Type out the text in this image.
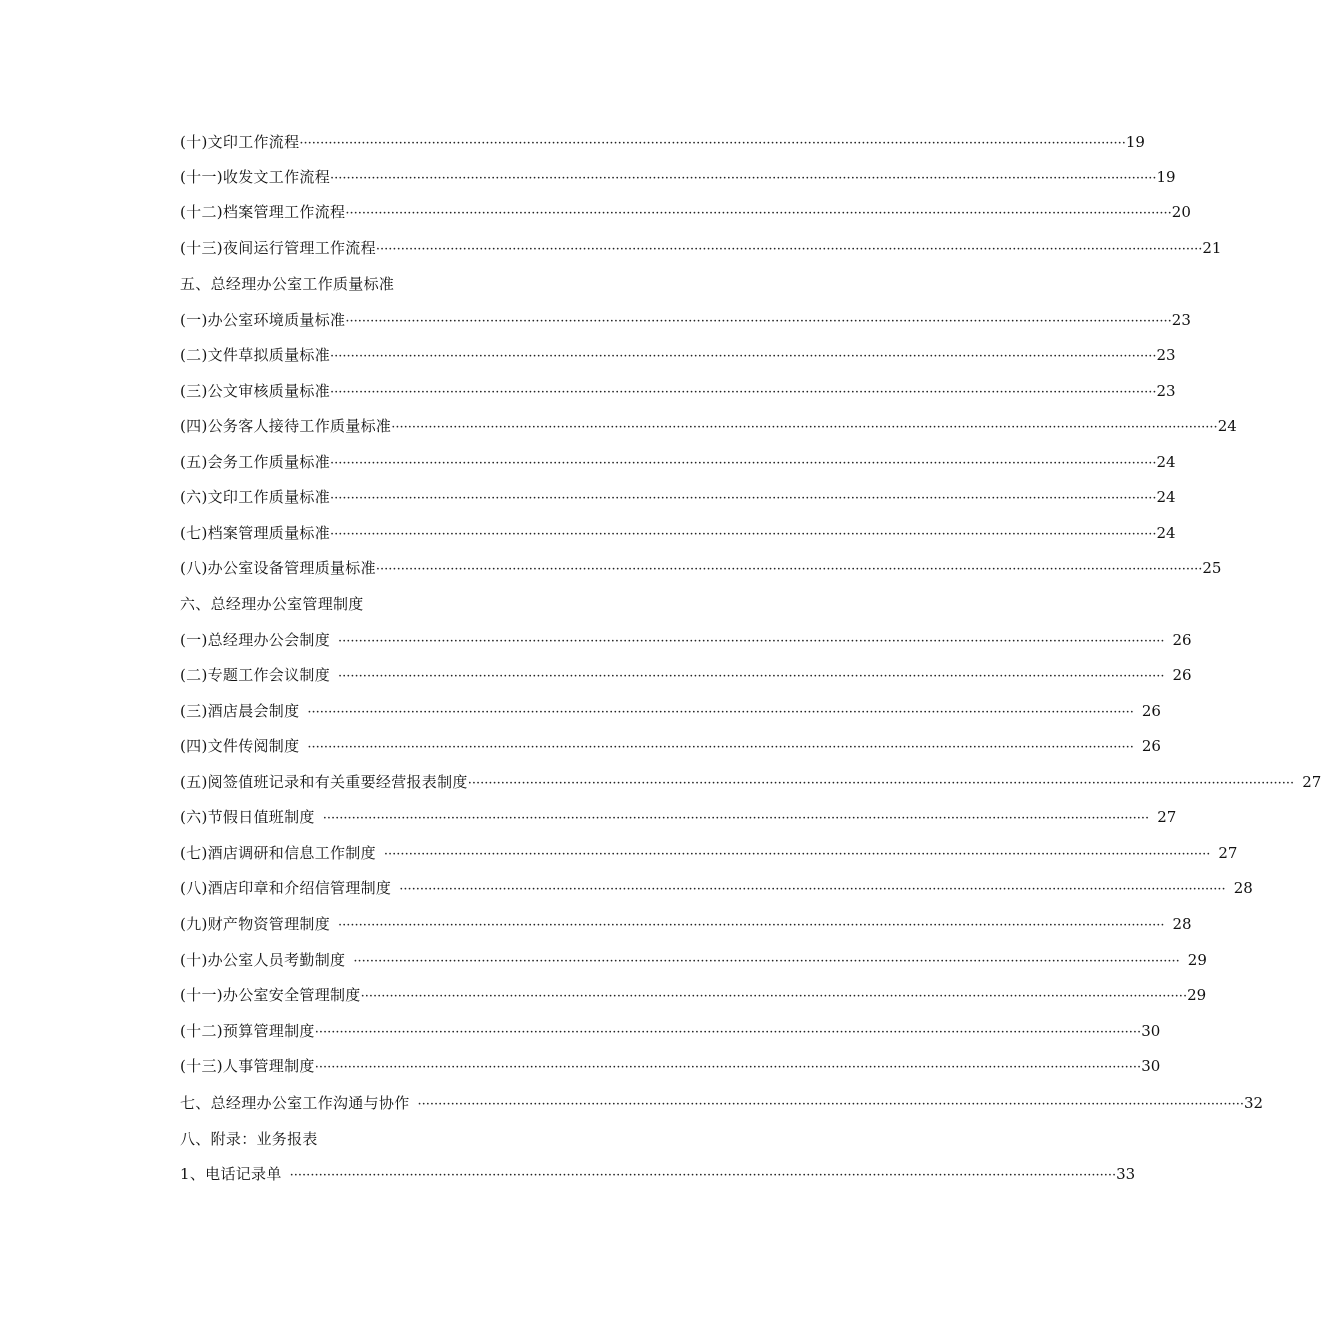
(十)文印工作流程 ········································································································································································································ 19
(十一)收发文工作流程 ········································································································································································································ 19
(十二)档案管理工作流程 ········································································································································································································ 20
(十三)夜间运行管理工作流程 ········································································································································································································ 21
五、总经理办公室工作质量标准
(一)办公室环境质量标准 ········································································································································································································ 23
(二)文件草拟质量标准 ········································································································································································································ 23
(三)公文审核质量标准 ········································································································································································································ 23
(四)公务客人接待工作质量标准 ········································································································································································································ 24
(五)会务工作质量标准 ········································································································································································································ 24
(六)文印工作质量标准 ········································································································································································································ 24
(七)档案管理质量标准 ········································································································································································································ 24
(八)办公室设备管理质量标准 ········································································································································································································ 25
六、总经理办公室管理制度
(一)总经理办公会制度 ········································································································································································································ 26
(二)专题工作会议制度 ········································································································································································································ 26
(三)酒店晨会制度 ········································································································································································································ 26
(四)文件传阅制度 ········································································································································································································ 26
(五)阅签值班记录和有关重要经营报表制度 ········································································································································································································ 27
(六)节假日值班制度 ········································································································································································································ 27
(七)酒店调研和信息工作制度 ········································································································································································································ 27
(八)酒店印章和介绍信管理制度 ········································································································································································································ 28
(九)财产物资管理制度 ········································································································································································································ 28
(十)办公室人员考勤制度 ········································································································································································································ 29
(十一)办公室安全管理制度 ········································································································································································································ 29
(十二)预算管理制度 ········································································································································································································ 30
(十三)人事管理制度 ········································································································································································································ 30
七、总经理办公室工作沟通与协作 ········································································································································································································ 32
八、附录：业务报表
1、电话记录单 ········································································································································································································ 33
